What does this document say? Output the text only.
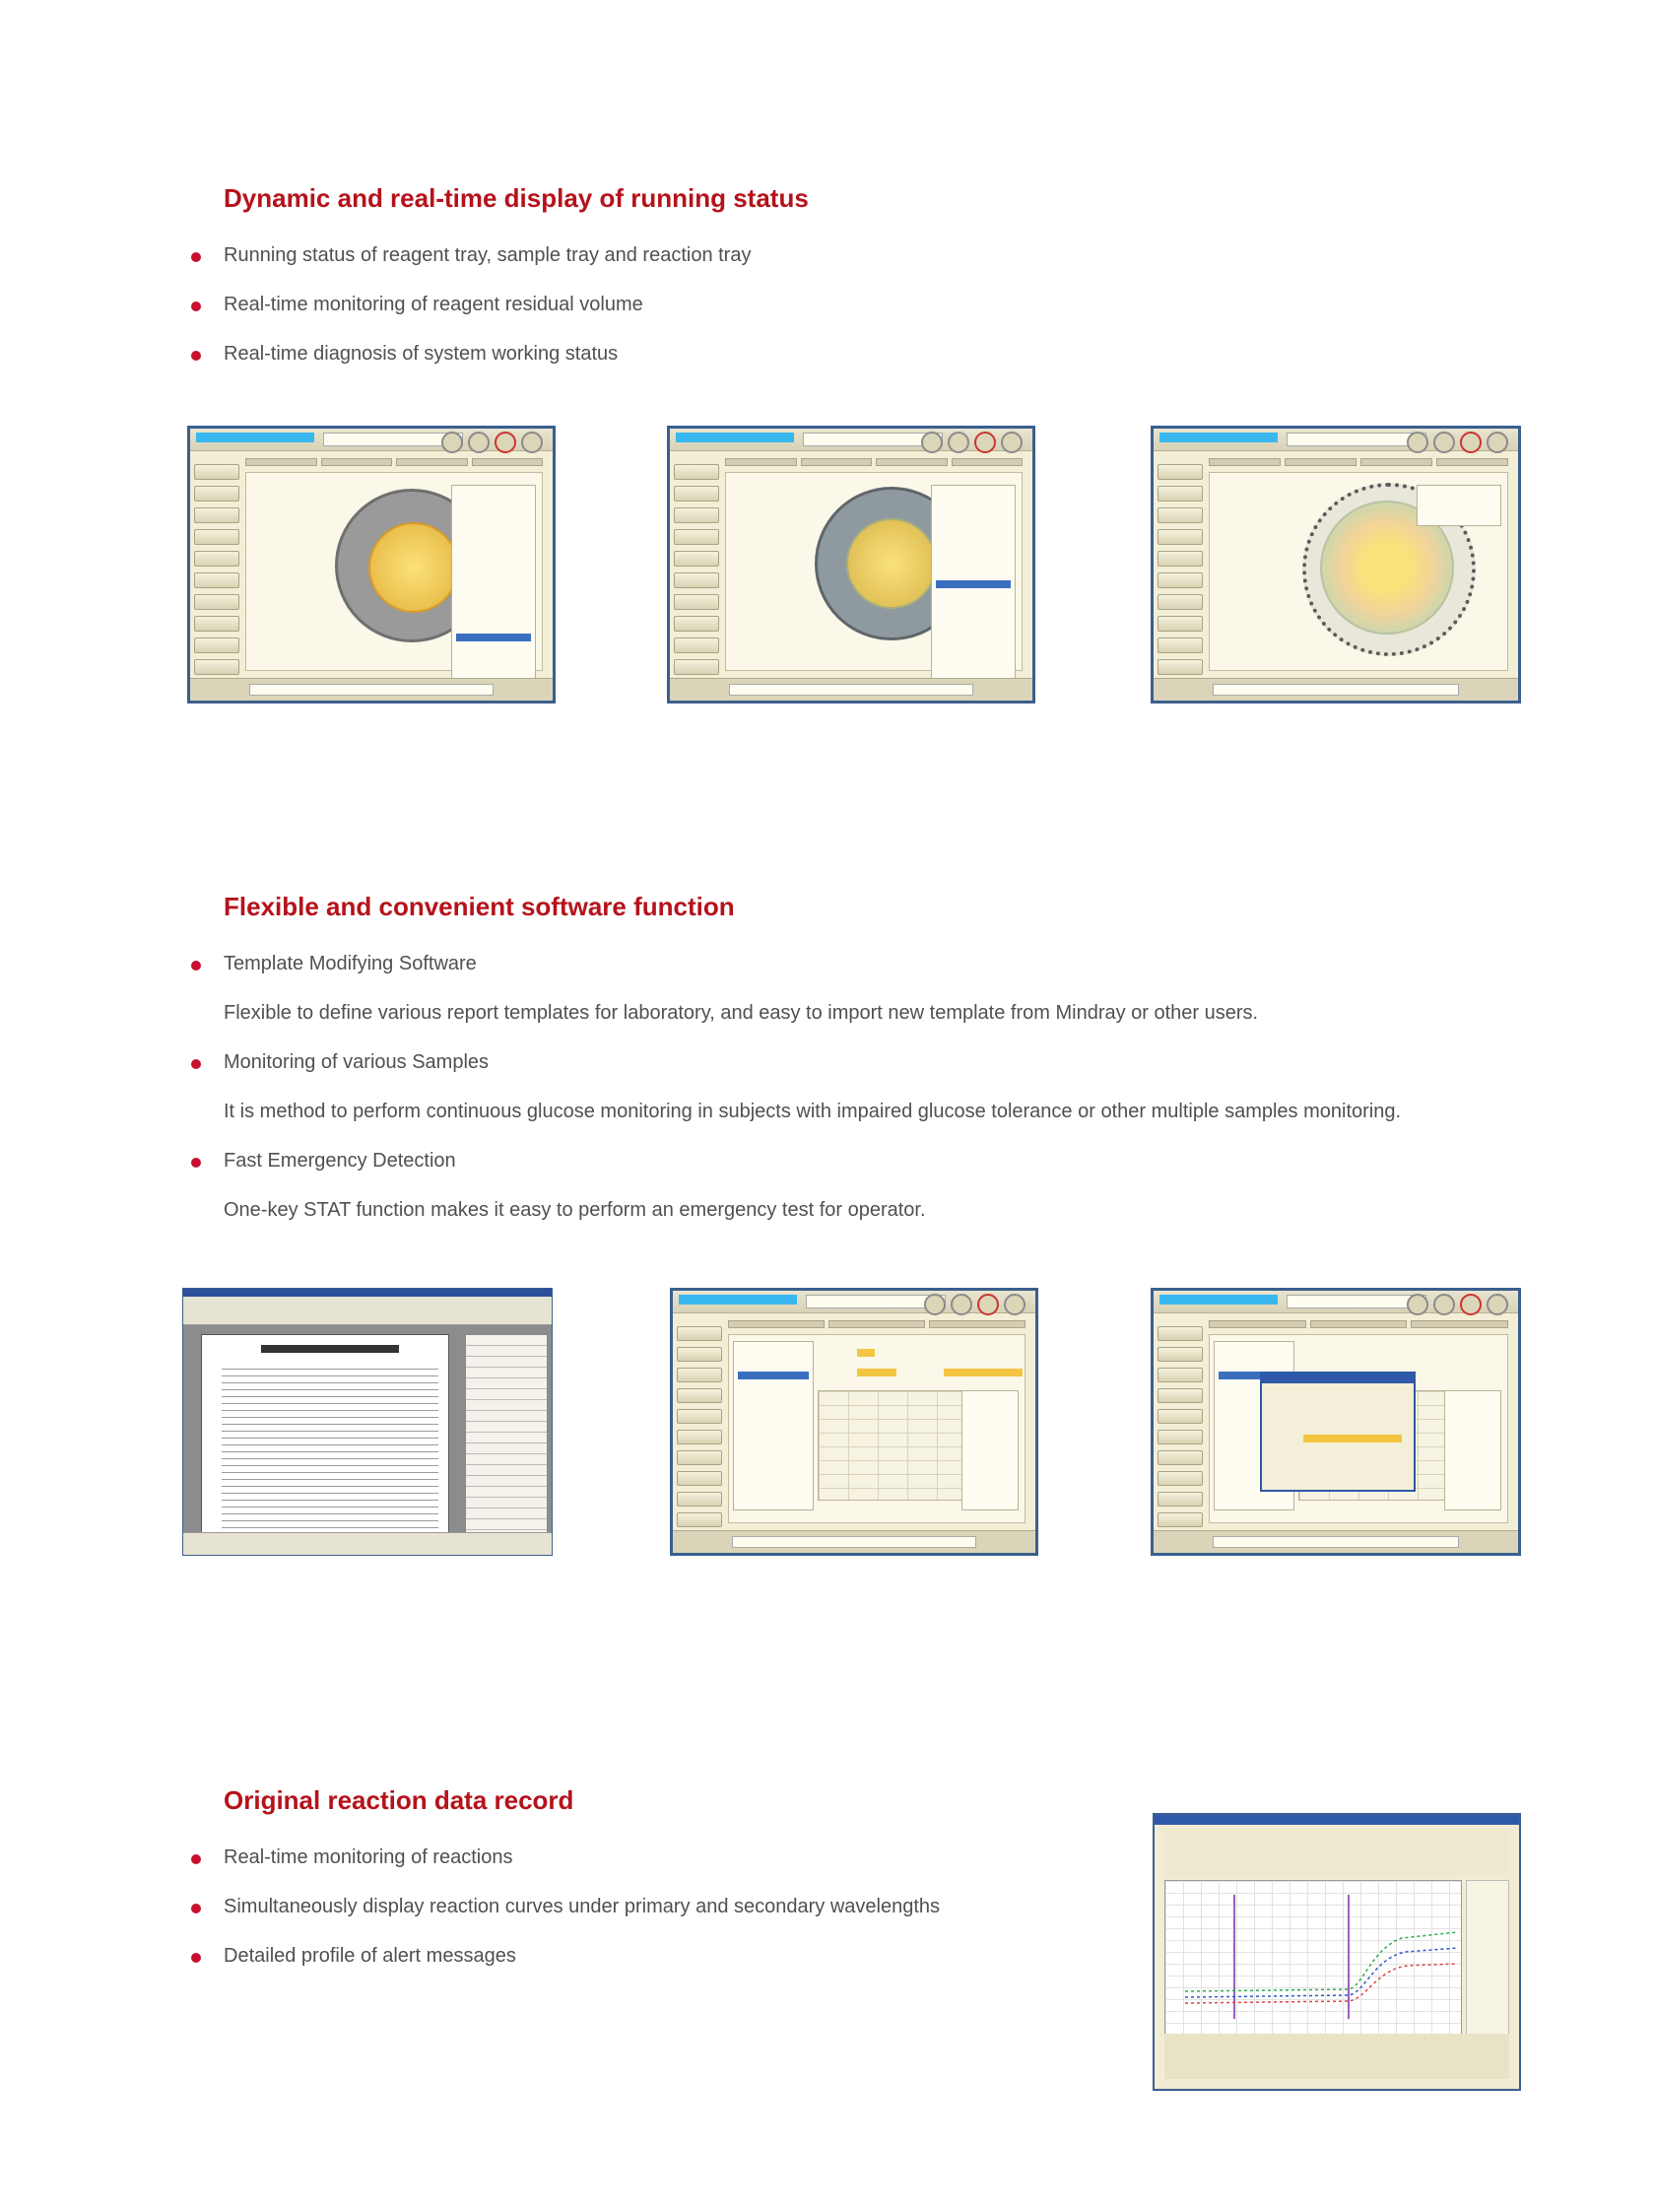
Dynamic and real-time display of running status
Running status of reagent tray, sample tray and reaction tray
Real-time monitoring of reagent residual volume
Real-time diagnosis of system working status
Flexible and convenient software function
Template Modifying Software
Flexible to define various report templates for laboratory, and easy to import new template from Mindray or other users.
Monitoring of various Samples
It is method to perform continuous glucose monitoring in subjects with impaired glucose tolerance or other multiple samples monitoring.
Fast Emergency Detection
One-key STAT function makes it easy to perform an emergency test for operator.
Original reaction data record
Real-time monitoring of reactions
Simultaneously display reaction curves under primary and secondary wavelengths
Detailed profile of alert messages
